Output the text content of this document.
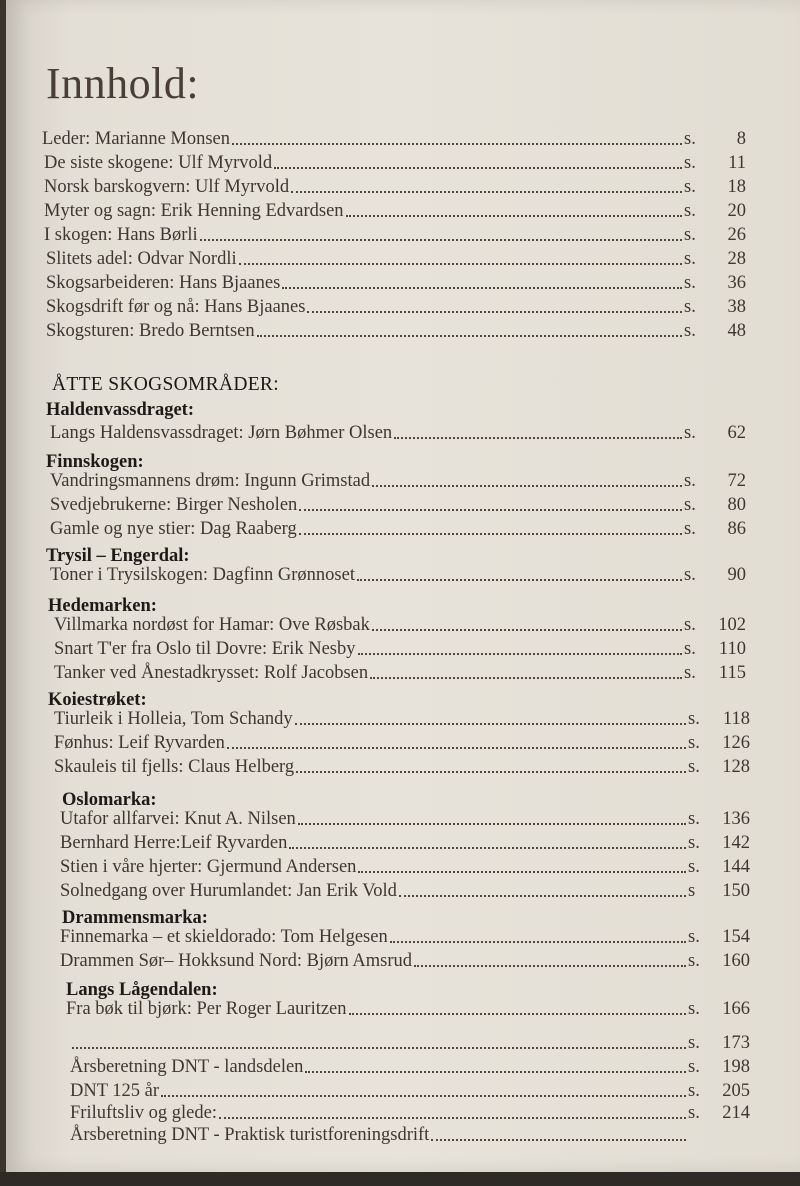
Innhold:
ÅTTE SKOGSOMRÅDER:
Leder: Marianne Monsen	s.	8
De siste skogene: Ulf Myrvold	s.	11
Norsk barskogvern: Ulf Myrvold	s.	18
Myter og sagn: Erik Henning Edvardsen	s.	20
I skogen: Hans Børli	s.	26
Slitets adel: Odvar Nordli	s.	28
Skogsarbeideren: Hans Bjaanes	s.	36
Skogsdrift før og nå: Hans Bjaanes	s.	38
Skogsturen: Bredo Berntsen	s.	48
Haldenvassdraget:
Langs Haldensvassdraget: Jørn Bøhmer Olsen	s.	62
Finnskogen:
Vandringsmannens drøm: Ingunn Grimstad	s.	72
Svedjebrukerne: Birger Nesholen	s.	80
Gamle og nye stier: Dag Raaberg	s.	86
Trysil – Engerdal:
Toner i Trysilskogen: Dagfinn Grønnoset	s.	90
Hedemarken:
Villmarka nordøst for Hamar: Ove Røsbak	s.	102
Snart T'er fra Oslo til Dovre: Erik Nesby	s.	110
Tanker ved Ånestadkrysset: Rolf Jacobsen	s.	115
Koiestrøket:
Tiurleik i Holleia, Tom Schandy	s.	118
Fønhus: Leif Ryvarden	s.	126
Skauleis til fjells: Claus Helberg	s.	128
Oslomarka:
Utafor allfarvei: Knut A. Nilsen	s.	136
Bernhard Herre:Leif Ryvarden	s.	142
Stien i våre hjerter: Gjermund Andersen	s.	144
Solnedgang over Hurumlandet: Jan Erik Vold	s	150
Drammensmarka:
Finnemarka – et skieldorado: Tom Helgesen	s.	154
Drammen Sør– Hokksund Nord: Bjørn Amsrud	s.	160
Langs Lågendalen:
Fra bøk til bjørk: Per Roger Lauritzen	s.	166
s.	173
Årsberetning DNT - landsdelen	s.	198
DNT 125 år	s.	205
Friluftsliv og glede:	s.	214
Årsberetning DNT - Praktisk turistforeningsdrift
